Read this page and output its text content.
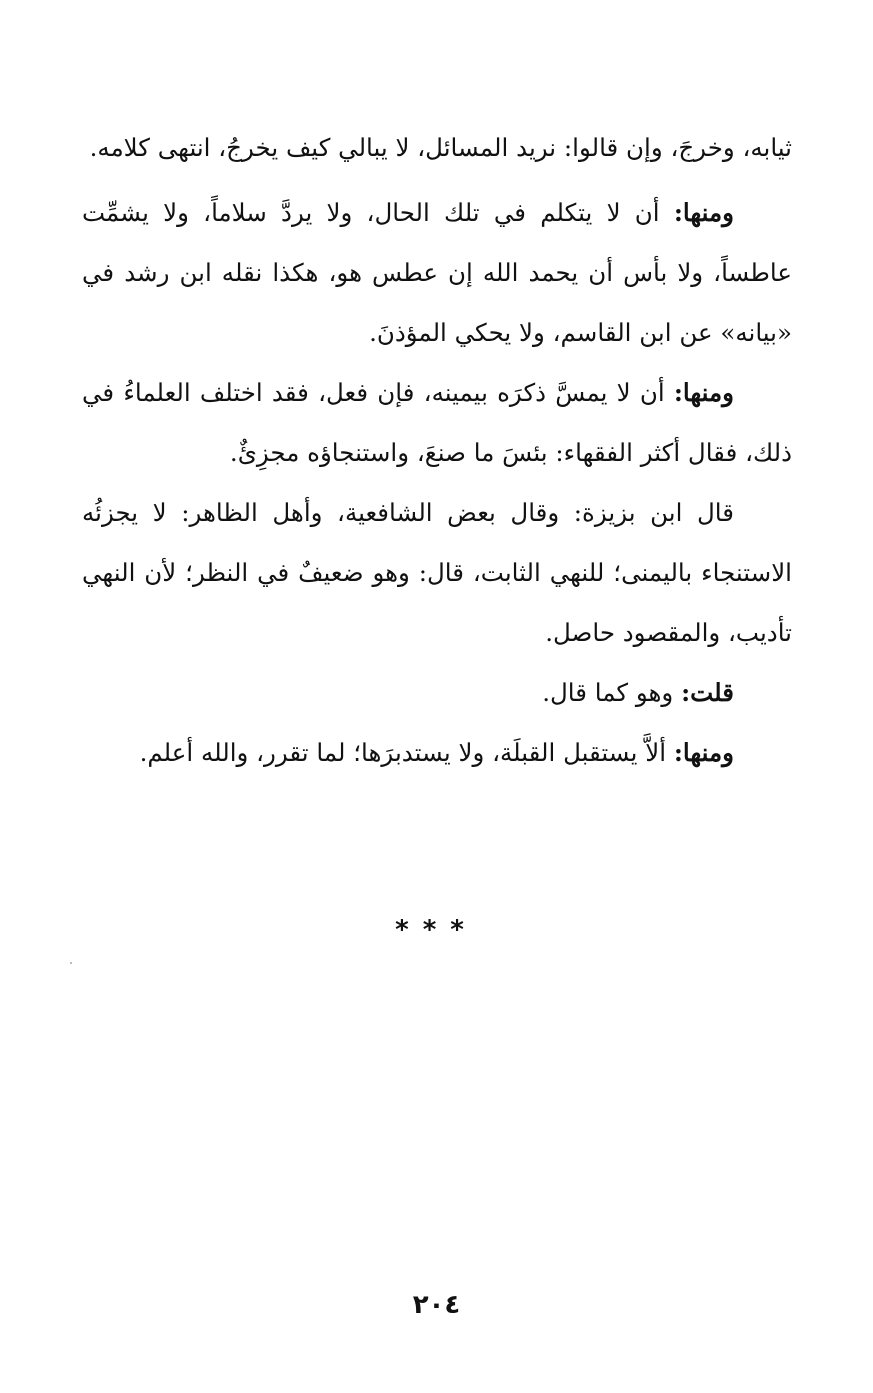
ثيابه، وخرجَ، وإن قالوا: نريد المسائل، لا يبالي كيف يخرجُ، انتهى كلامه.

ومنها: أن لا يتكلم في تلك الحال، ولا يردَّ سلاماً، ولا يشمِّت عاطساً، ولا بأس أن يحمد الله إن عطس هو، هكذا نقله ابن رشد في «بيانه» عن ابن القاسم، ولا يحكي المؤذنَ.

ومنها: أن لا يمسَّ ذكرَه بيمينه، فإن فعل، فقد اختلف العلماءُ في ذلك، فقال أكثر الفقهاء: بئسَ ما صنعَ، واستنجاؤه مجزِئٌ.

قال ابن بزيزة: وقال بعض الشافعية، وأهل الظاهر: لا يجزئُه الاستنجاء باليمنى؛ للنهي الثابت، قال: وهو ضعيفٌ في النظر؛ لأن النهي تأديب، والمقصود حاصل.

قلت: وهو كما قال.

ومنها: ألاَّ يستقبل القبلَة، ولا يستدبرَها؛ لما تقرر، والله أعلم.

***
٢٠٤
